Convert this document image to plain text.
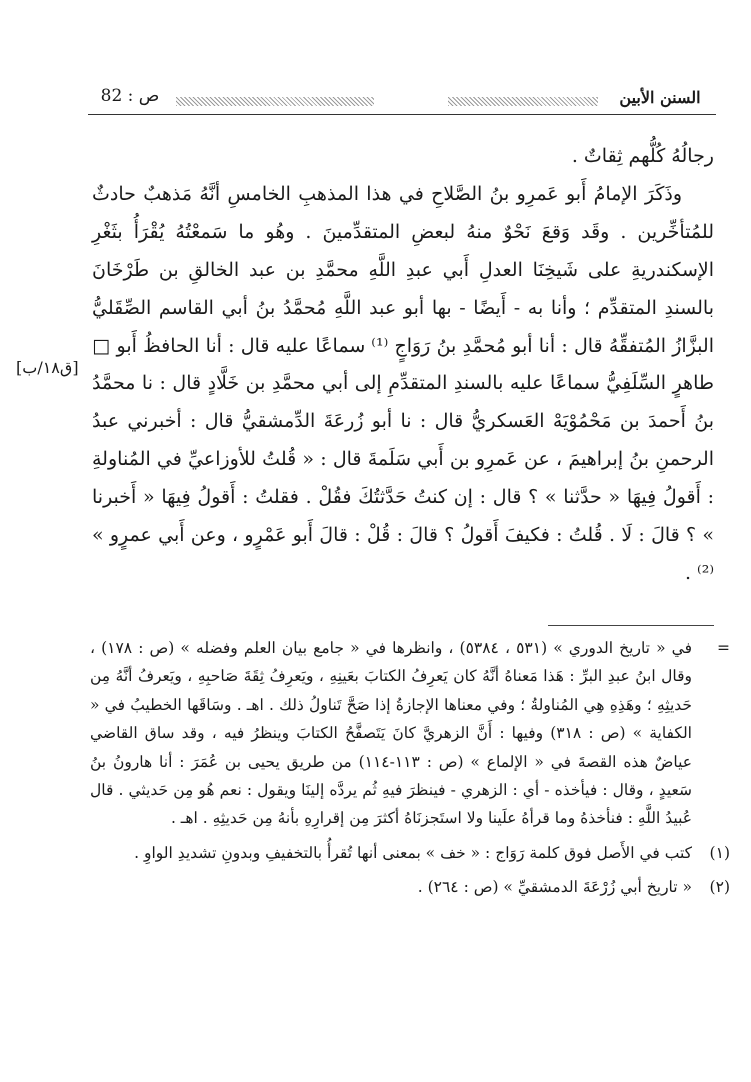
السنن الأبين
ص : 82
[ق١٨/ب]

رجالُهُ كُلُّهم ثِقاتٌ .

وذَكَرَ الإمامُ أَبو عَمرِو بنُ الصَّلاحِ في هذا المذهبِ الخامسِ أنَّهُ مَذهبٌ حادثٌ للمُتأخِّرين . وقَد وَقعَ نَحْوٌ منهُ لبعضِ المتقدِّمينَ . وهُو ما سَمعْتُهُ يُقْرَأُ بثَغْرِ الإسكندريةِ على شَيخِنَا العدلِ أَبي عبدِ اللَّهِ محمَّدِ بن عبد الخالقِ بن طَرْخَانَ بالسندِ المتقدِّم ؛ وأنا به - أَيضًا - بها أبو عبد اللَّهِ مُحمَّدُ بنُ أبي القاسم الصِّقَليُّ البزَّازُ المُتفقِّهُ قال : أنا أبو مُحمَّدِ بنُ رَوَاجٍ ⁽¹⁾ سماعًا عليه قال : أنا الحافظُ أَبو □ طاهرٍ السِّلَفِيُّ سماعًا عليه بالسندِ المتقدِّمِ إلى أبي محمَّدِ بن خَلَّادٍ قال : نا محمَّدُ بنُ أَحمدَ بن مَحْمُوْيَهْ العَسكريُّ قال : نا أبو زُرعَةَ الدِّمشقيُّ قال : أخبرني عبدُ الرحمنِ بنُ إبراهيمَ ، عن عَمرِو بن أَبي سَلَمةَ قال : « قُلتُ للأوزاعيِّ في المُناولةِ : أَقولُ فِيهَا « حدَّثنا » ؟ قال : إن كنتُ حَدَّثتُكَ فقُلْ . فقلتُ : أَقولُ فِيهَا « أَخبرنا » ؟ قالَ : لَا . قُلتُ : فكيفَ أَقولُ ؟ قالَ : قُلْ : قالَ أَبو عَمْرٍو ، وعن أَبي عمرٍو » ⁽²⁾ .

=
في « تاريخ الدوري » (٥٣١ ، ٥٣٨٤) ، وانظرها في « جامع بيان العلم وفضله » (ص : ١٧٨) ، وقال ابنُ عبدِ البرِّ : هَذا مَعناهُ أنَّهُ كان يَعرِفُ الكتابَ بعَينِهِ ، ويَعرِفُ ثِقَةَ صَاحبِهِ ، ويَعرفُ أنَّهُ مِن حَديثِهِ ؛ وهَذِهِ هِي المُناولةُ ؛ وفي معناها الإجازةُ إذا صَحَّ تَناولُ ذلك . اهـ . وسَاقَها الخطيبُ في « الكفاية » (ص : ٣١٨) وفيها : أَنَّ الزهريَّ كانَ يَتَصفَّحُ الكتابَ وينظرُ فيه ، وقد ساق القاضي عياضٌ هذه القصةَ في « الإلماع » (ص : ١١٣-١١٤) من طريق يحيى بن عُمَرَ : أنا هارونُ بنُ سَعيدٍ ، وقال : فيأخذه - أي : الزهري - فينظرَ فيهِ ثُم يردَّه إلينَا ويقول : نعم هُو مِن حَديثي . قال عُبيدُ اللَّهِ : فنأخذهُ وما قرأهُ علَينا ولا استَجزنَاهُ أكثرَ مِن إقرارِهِ بأنهُ مِن حَديثِهِ . اهـ .
(١)
كتب في الأَصل فوق كلمة رَوَاج : « خف » بمعنى أنها تُقرأُ بالتخفيفِ وبدونِ تشديدِ الواوِ .
(٢)
« تاريخ أبي زُرْعَةَ الدمشقيِّ » (ص : ٢٦٤) .
